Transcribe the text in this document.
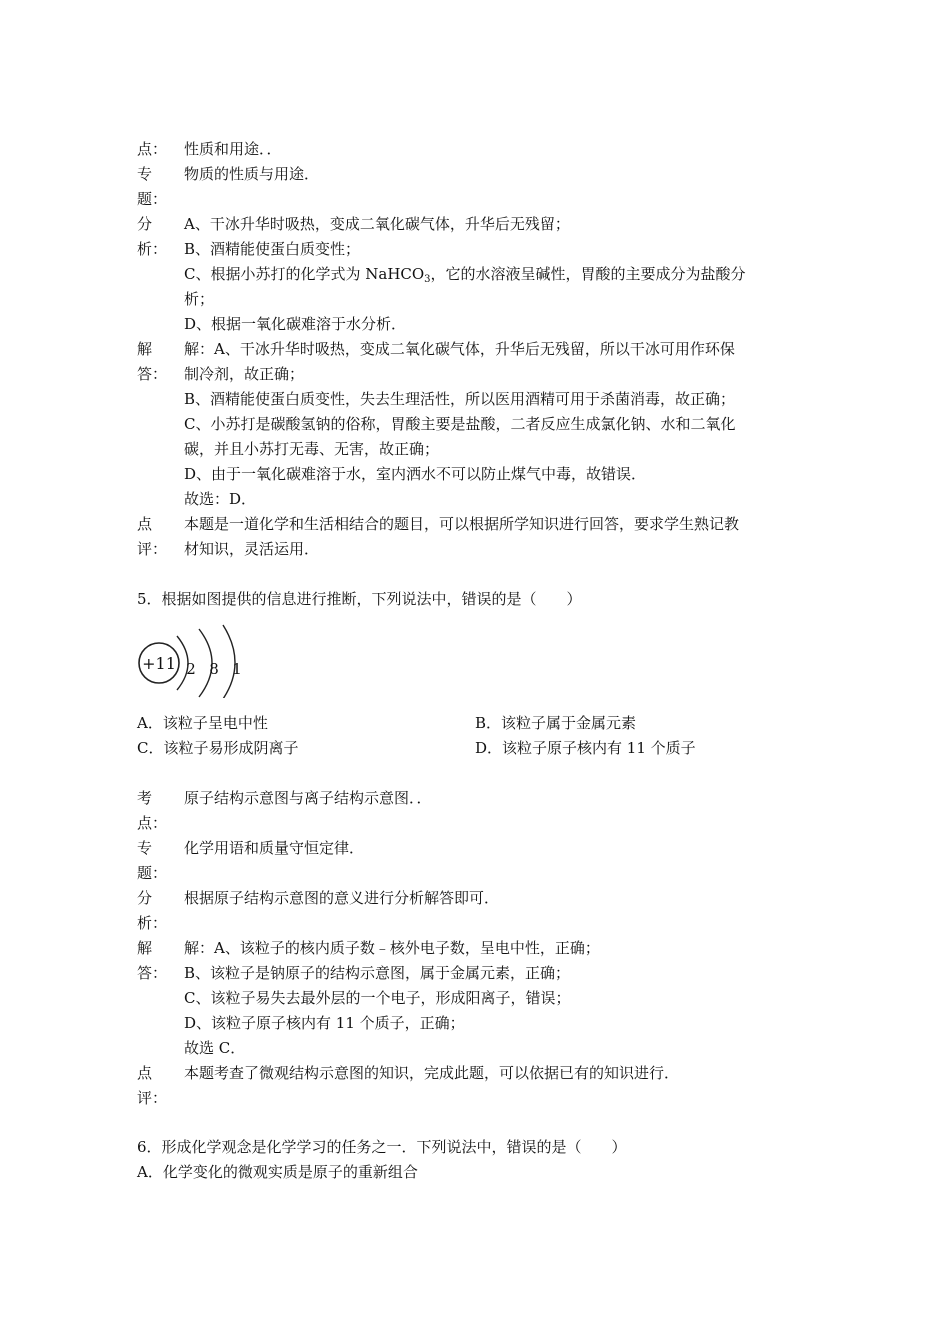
点： 性质和用途．．
专 物质的性质与用途．
题：
分 A、干冰升华时吸热，变成二氧化碳气体，升华后无残留；
析： B、酒精能使蛋白质变性；
C、根据小苏打的化学式为 NaHCO$_3$，它的水溶液呈碱性，胃酸的主要成分为盐酸分
析；
D、根据一氧化碳难溶于水分析．
解 解：A、干冰升华时吸热，变成二氧化碳气体，升华后无残留，所以干冰可用作环保
答： 制冷剂，故正确；
B、酒精能使蛋白质变性，失去生理活性，所以医用酒精可用于杀菌消毒，故正确；
C、小苏打是碳酸氢钠的俗称，胃酸主要是盐酸，二者反应生成氯化钠、水和二氧化
碳，并且小苏打无毒、无害，故正确；
D、由于一氧化碳难溶于水，室内洒水不可以防止煤气中毒，故错误．
故选：D．
点 本题是一道化学和生活相结合的题目，可以根据所学知识进行回答，要求学生熟记教
评： 材知识，灵活运用．
5．根据如图提供的信息进行推断，下列说法中，错误的是（　　）
+11 2 8 1
A．该粒子呈电中性	B．该粒子属于金属元素
C．该粒子易形成阴离子	D．该粒子原子核内有 11 个质子
考 原子结构示意图与离子结构示意图．．
点：
专 化学用语和质量守恒定律．
题：
分 根据原子结构示意图的意义进行分析解答即可．
析：
解 解：A、该粒子的核内质子数﹣核外电子数，呈电中性，正确；
答： B、该粒子是钠原子的结构示意图，属于金属元素，正确；
C、该粒子易失去最外层的一个电子，形成阳离子，错误；
D、该粒子原子核内有 11 个质子，正确；
故选 C．
点 本题考查了微观结构示意图的知识，完成此题，可以依据已有的知识进行．
评：
6．形成化学观念是化学学习的任务之一．下列说法中，错误的是（　　）
A．化学变化的微观实质是原子的重新组合
